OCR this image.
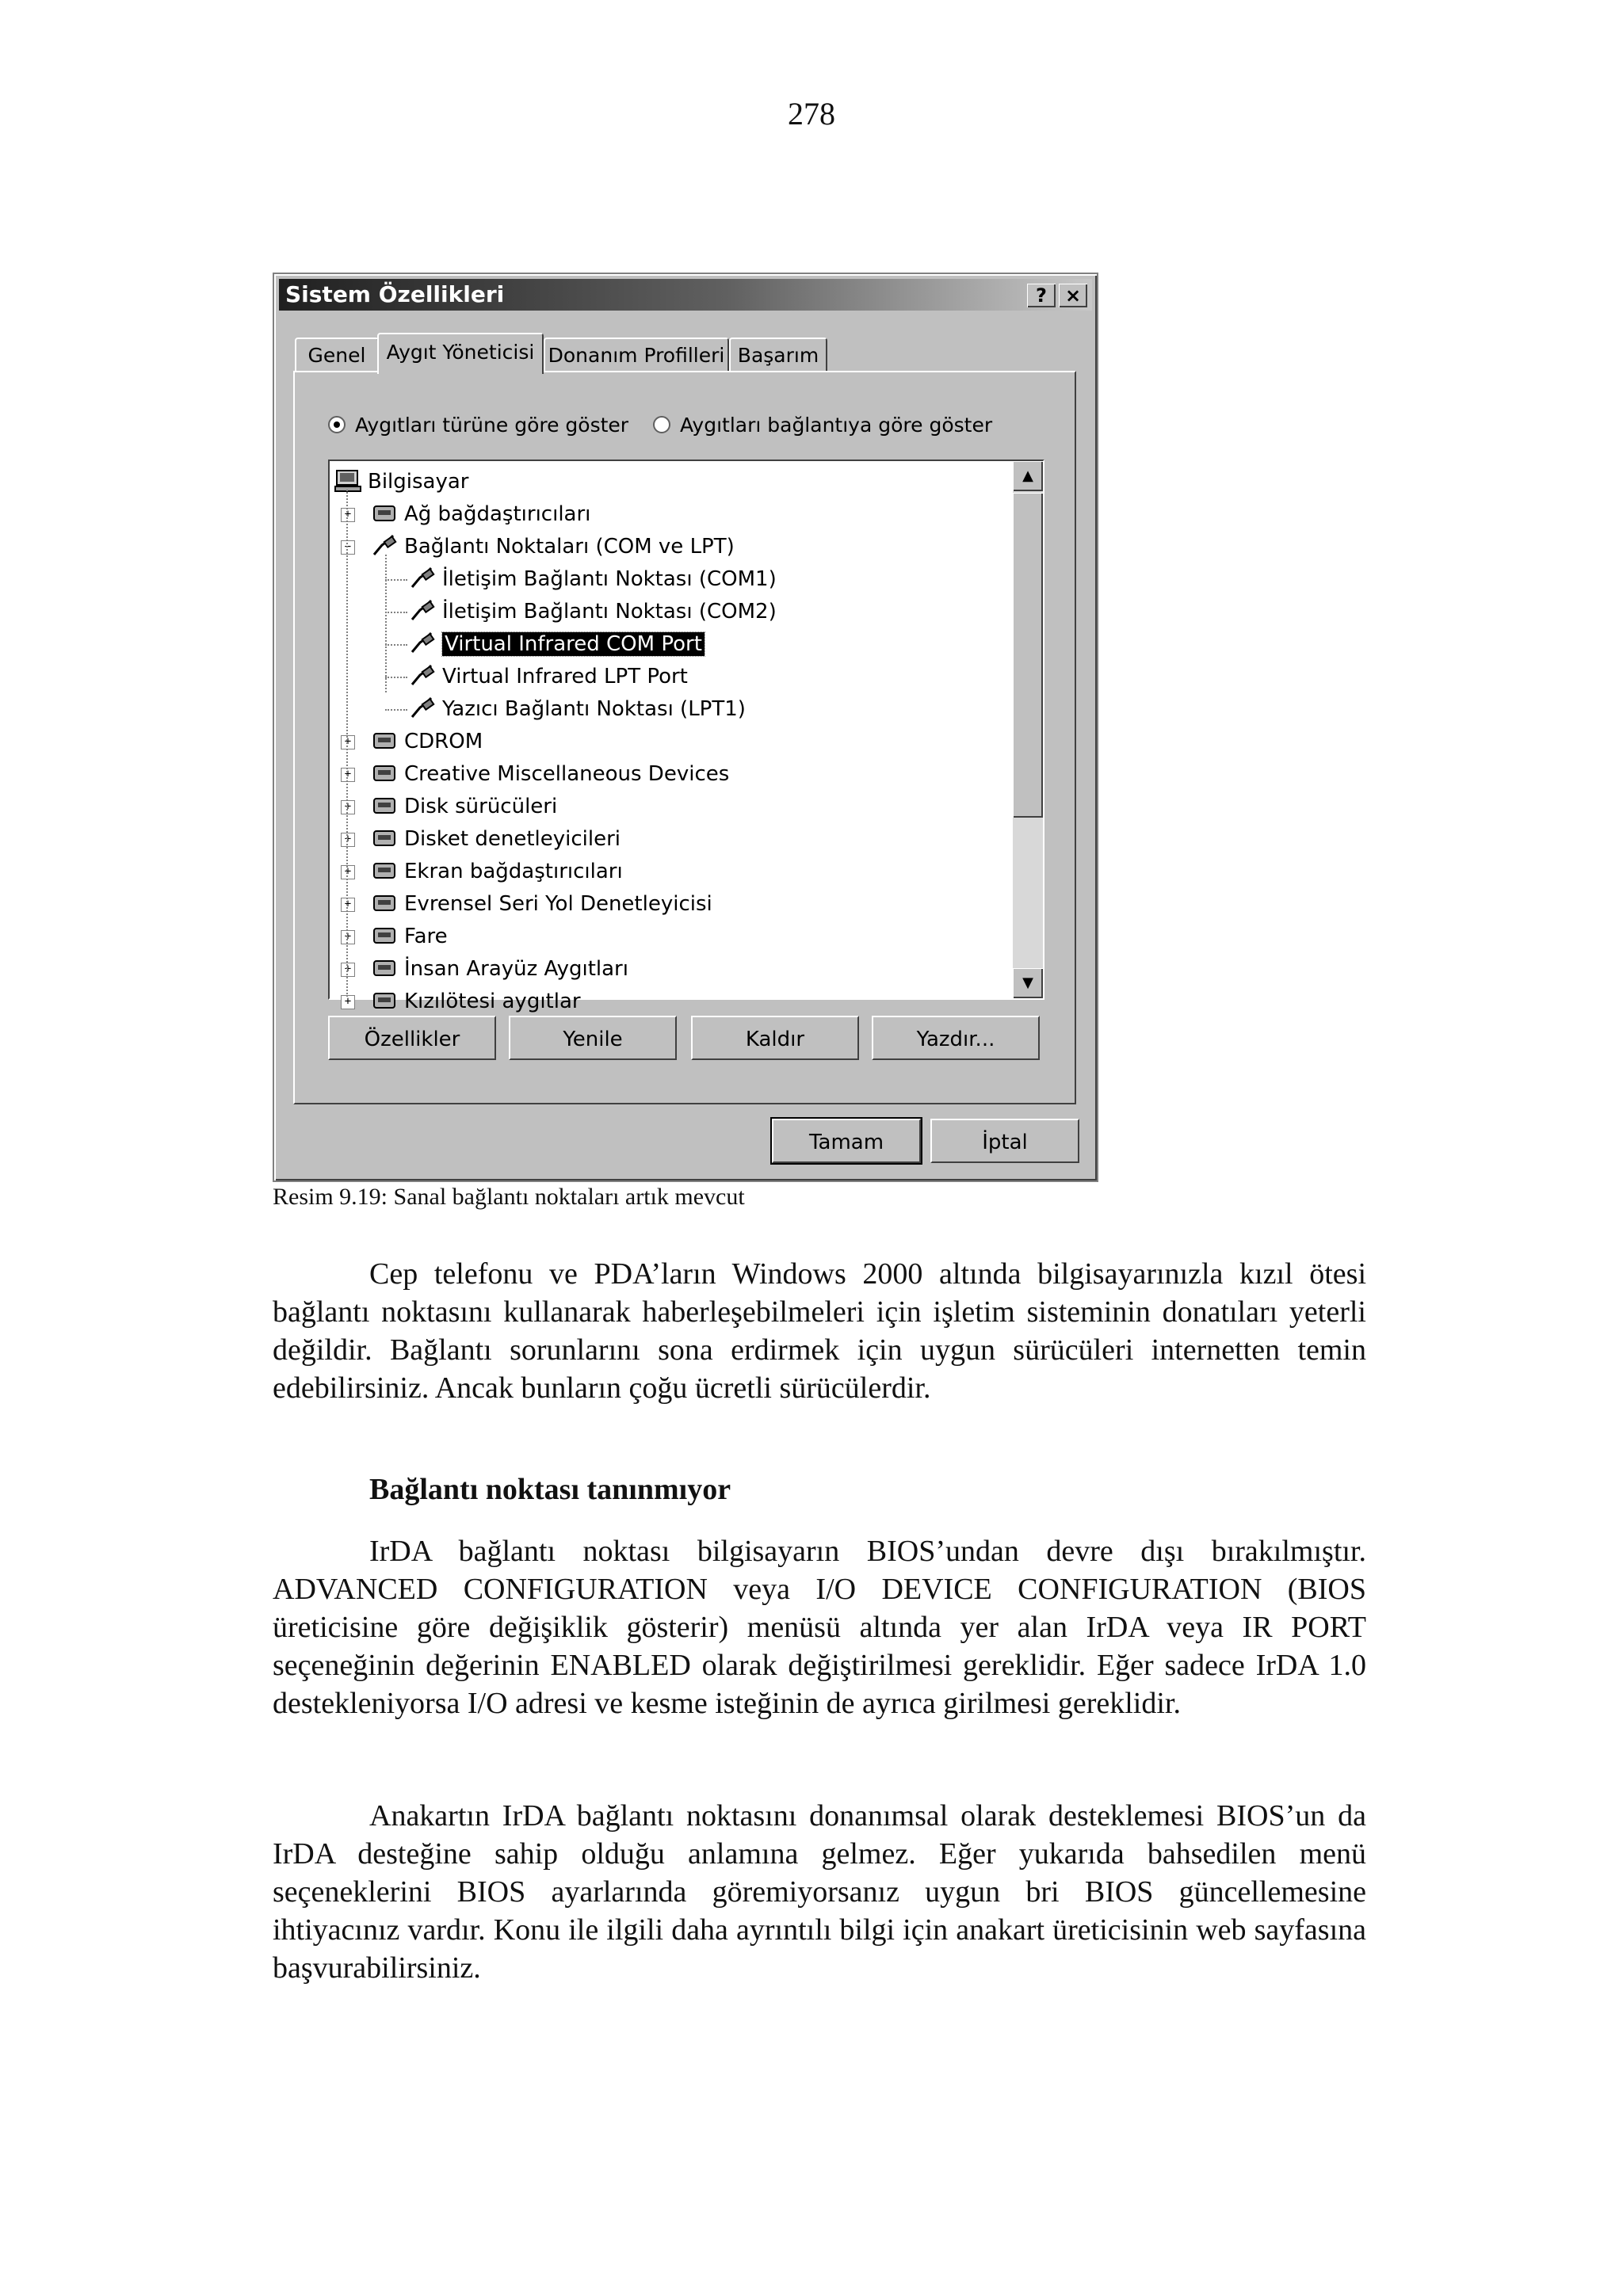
278
Sistem Özellikleri	? ×
Genel	Aygıt Yöneticisi Donanım Profilleri Başarım
Aygıtları türüne göre göster	Aygıtları bağlantıya göre göster
Bilgisayar
Ağ bağdaştırıcıları
+
Bağlantı Noktaları (COM ve LPT)
−
İletişim Bağlantı Noktası (COM1)
İletişim Bağlantı Noktası (COM2)
Virtual Infrared COM Port
Virtual Infrared LPT Port
Yazıcı Bağlantı Noktası (LPT1)
CDROM
+
Creative Miscellaneous Devices
+
Disk sürücüleri
+
Disket denetleyicileri
+
Ekran bağdaştırıcıları
+
Evrensel Seri Yol Denetleyicisi
+
Fare
+
İnsan Arayüz Aygıtları
+
Kızılötesi aygıtlar
+
▲
▼
Özellikler	Yenile	Kaldır	Yazdır...
Tamam	İptal
Resim 9.19: Sanal bağlantı noktaları artık mevcut
Cep telefonu ve PDA’ların Windows 2000 altında bilgisayarınızla kızıl ötesi bağlantı noktasını kullanarak haberleşebilmeleri için işletim sisteminin donatıları yeterli değildir. Bağlantı sorunlarını sona erdirmek için uygun sürücüleri internetten temin edebilirsiniz. Ancak bunların çoğu ücretli sürücülerdir.
Bağlantı noktası tanınmıyor
IrDA bağlantı noktası bilgisayarın BIOS’undan devre dışı bırakılmıştır. ADVANCED CONFIGURATION veya I/O DEVICE CONFIGURATION (BIOS üreticisine göre değişiklik gösterir) menüsü altında yer alan IrDA veya IR PORT seçeneğinin değerinin ENABLED olarak değiştirilmesi gereklidir. Eğer sadece IrDA 1.0 destekleniyorsa I/O adresi ve kesme isteğinin de ayrıca girilmesi gereklidir.
Anakartın IrDA bağlantı noktasını donanımsal olarak desteklemesi BIOS’un da IrDA desteğine sahip olduğu anlamına gelmez. Eğer yukarıda bahsedilen menü seçeneklerini BIOS ayarlarında göremiyorsanız uygun bri BIOS güncellemesine ihtiyacınız vardır. Konu ile ilgili daha ayrıntılı bilgi için anakart üreticisinin web sayfasına başvurabilirsiniz.
